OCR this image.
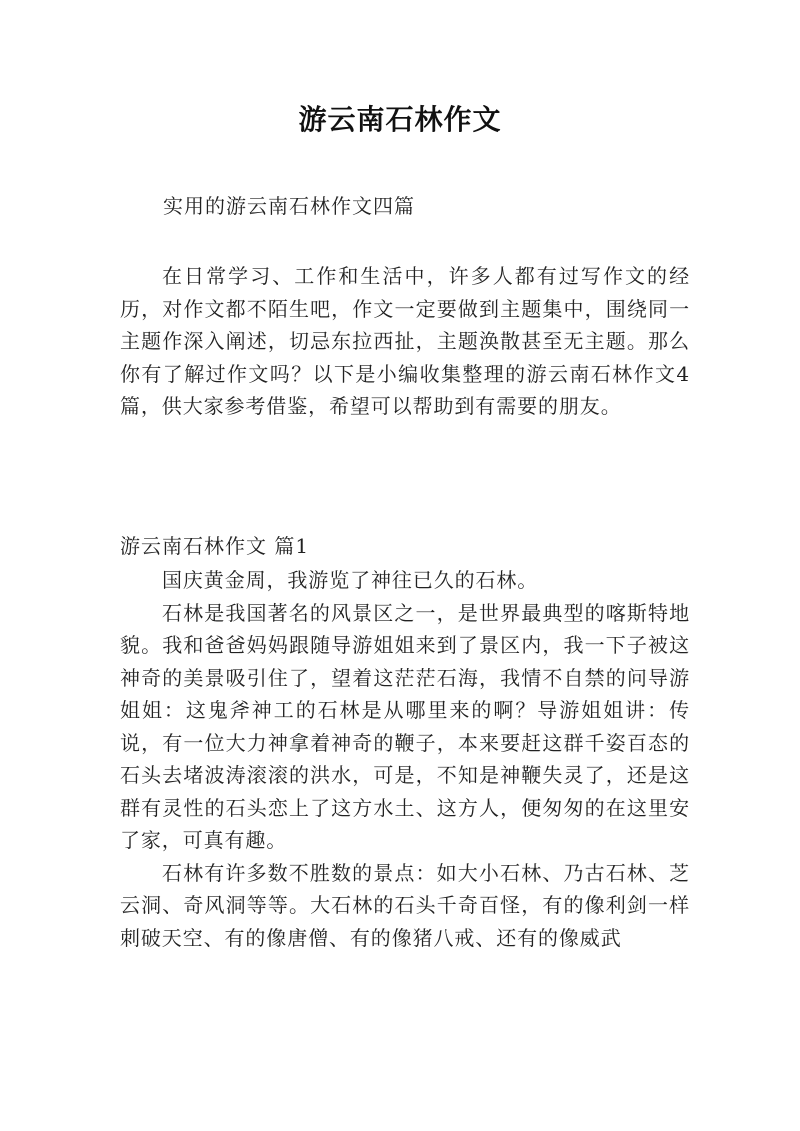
游云南石林作文
实用的游云南石林作文四篇

在日常学习、工作和生活中，许多人都有过写作文的经历，对作文都不陌生吧，作文一定要做到主题集中，围绕同一主题作深入阐述，切忌东拉西扯，主题涣散甚至无主题。那么你有了解过作文吗？以下是小编收集整理的游云南石林作文4篇，供大家参考借鉴，希望可以帮助到有需要的朋友。

游云南石林作文 篇1

国庆黄金周，我游览了神往已久的石林。

石林是我国著名的风景区之一，是世界最典型的喀斯特地貌。我和爸爸妈妈跟随导游姐姐来到了景区内，我一下子被这神奇的美景吸引住了，望着这茫茫石海，我情不自禁的问导游姐姐：这鬼斧神工的石林是从哪里来的啊？导游姐姐讲：传说，有一位大力神拿着神奇的鞭子，本来要赶这群千姿百态的石头去堵波涛滚滚的洪水，可是，不知是神鞭失灵了，还是这群有灵性的石头恋上了这方水土、这方人，便匆匆的在这里安了家，可真有趣。

石林有许多数不胜数的景点：如大小石林、乃古石林、芝云洞、奇风洞等等。大石林的石头千奇百怪，有的像利剑一样刺破天空、有的像唐僧、有的像猪八戒、还有的像威武
